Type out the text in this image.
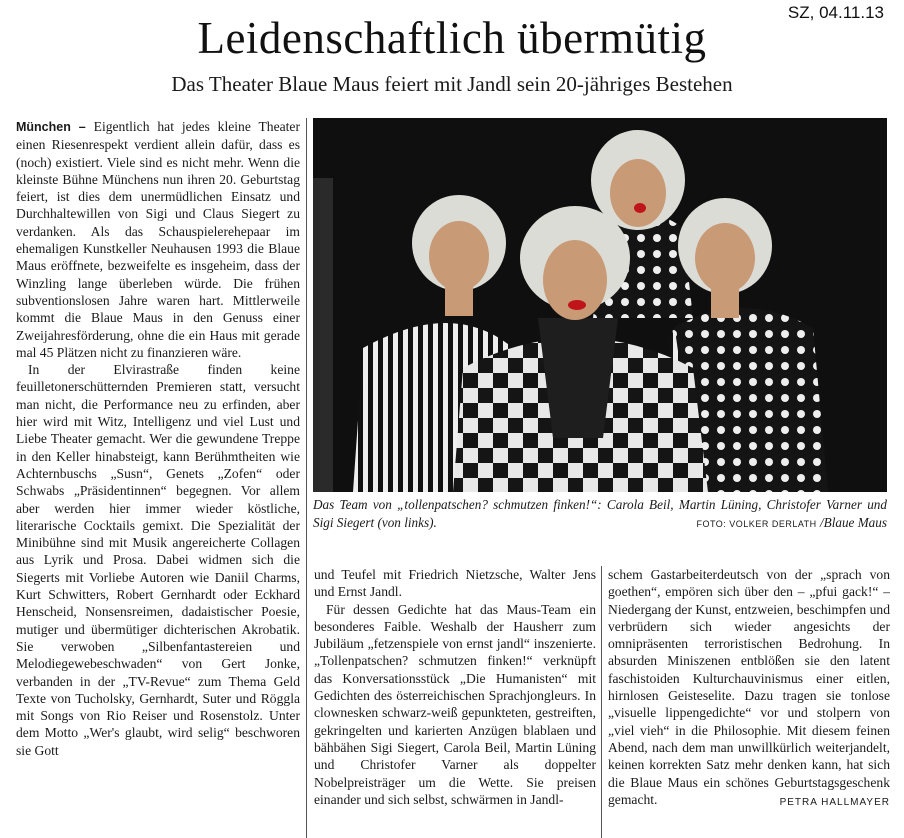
SZ, 04.11.13
Leidenschaftlich übermütig
Das Theater Blaue Maus feiert mit Jandl sein 20-jähriges Bestehen

München – Eigentlich hat jedes kleine Theater einen Riesenrespekt verdient allein dafür, dass es (noch) existiert. Viele sind es nicht mehr. Wenn die kleinste Bühne Münchens nun ihren 20. Geburtstag feiert, ist dies dem unermüdlichen Einsatz und Durchhaltewillen von Sigi und Claus Siegert zu verdanken. Als das Schauspielerehepaar im ehemaligen Kunstkeller Neuhausen 1993 die Blaue Maus eröffnete, bezweifelte es insgeheim, dass der Winzling lange überleben würde. Die frühen subventionslosen Jahre waren hart. Mittlerweile kommt die Blaue Maus in den Genuss einer Zweijahresförderung, ohne die ein Haus mit gerade mal 45 Plätzen nicht zu finanzieren wäre.

In der Elvirastraße finden keine feuilletonerschütternden Premieren statt, versucht man nicht, die Performance neu zu erfinden, aber hier wird mit Witz, Intelligenz und viel Lust und Liebe Theater gemacht. Wer die gewundene Treppe in den Keller hinabsteigt, kann Berühmtheiten wie Achternbuschs „Susn“, Genets „Zofen“ oder Schwabs „Präsidentinnen“ begegnen. Vor allem aber werden hier immer wieder köstliche, literarische Cocktails gemixt. Die Spezialität der Minibühne sind mit Musik angereicherte Collagen aus Lyrik und Prosa. Dabei widmen sich die Siegerts mit Vorliebe Autoren wie Daniil Charms, Kurt Schwitters, Robert Gernhardt oder Eckhard Henscheid, Nonsensreimen, dadaistischer Poesie, mutiger und übermütiger dichterischen Akrobatik. Sie verwoben „Silbenfantastereien und Melodiegewebeschwaden“ von Gert Jonke, verbanden in der „TV-Revue“ zum Thema Geld Texte von Tucholsky, Gernhardt, Suter und Röggla mit Songs von Rio Reiser und Rosenstolz. Unter dem Motto „Wer's glaubt, wird selig“ beschworen sie Gott

Das Team von „tollenpatschen? schmutzen finken!“: Carola Beil, Martin Lüning, Christofer Varner und Sigi Siegert (von links).	FOTO: VOLKER DERLATH /Blaue Maus

und Teufel mit Friedrich Nietzsche, Walter Jens und Ernst Jandl.

Für dessen Gedichte hat das Maus-Team ein besonderes Faible. Weshalb der Hausherr zum Jubiläum „fetzenspiele von ernst jandl“ inszenierte. „Tollenpatschen? schmutzen finken!“ verknüpft das Konversationsstück „Die Humanisten“ mit Gedichten des österreichischen Sprachjongleurs. In clownesken schwarz-weiß gepunkteten, gestreiften, gekringelten und karierten Anzügen blablaen und bähbähen Sigi Siegert, Carola Beil, Martin Lüning und Christofer Varner als doppelter Nobelpreisträger um die Wette. Sie preisen einander und sich selbst, schwärmen in Jandl-

schem Gastarbeiterdeutsch von der „sprach von goethen“, empören sich über den – „pfui gack!“ – Niedergang der Kunst, entzweien, beschimpfen und verbrüdern sich wieder angesichts der omnipräsenten terroristischen Bedrohung. In absurden Miniszenen entblößen sie den latent faschistoiden Kulturchauvinismus einer eitlen, hirnlosen Geisteselite. Dazu tragen sie tonlose „visuelle lippengedichte“ vor und stolpern von „viel vieh“ in die Philosophie. Mit diesem feinen Abend, nach dem man unwillkürlich weiterjandelt, keinen korrekten Satz mehr denken kann, hat sich die Blaue Maus ein schönes Geburtstagsgeschenk gemacht.	PETRA HALLMAYER
